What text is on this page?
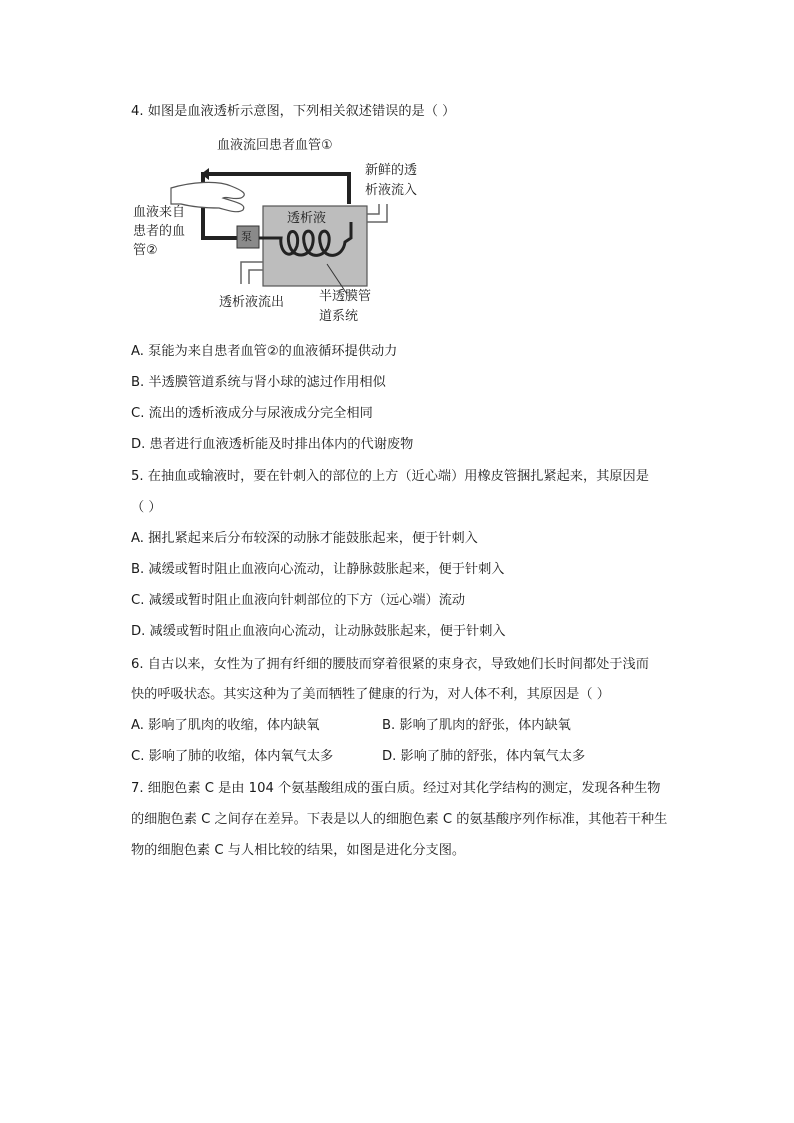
4. 如图是血液透析示意图，下列相关叙述错误的是（ ）
血液流回患者血管①
新鲜的透
析液流入
血液来自
患者的血
管②
透析液
泵
透析液流出	半透膜管
道系统
A. 泵能为来自患者血管②的血液循环提供动力
B. 半透膜管道系统与肾小球的滤过作用相似
C. 流出的透析液成分与尿液成分完全相同
D. 患者进行血液透析能及时排出体内的代谢废物
5. 在抽血或输液时，要在针刺入的部位的上方（近心端）用橡皮管捆扎紧起来，其原因是
（ ）
A. 捆扎紧起来后分布较深的动脉才能鼓胀起来，便于针刺入
B. 减缓或暂时阻止血液向心流动，让静脉鼓胀起来，便于针刺入
C. 减缓或暂时阻止血液向针刺部位的下方（远心端）流动
D. 减缓或暂时阻止血液向心流动，让动脉鼓胀起来，便于针刺入
6. 自古以来，女性为了拥有纤细的腰肢而穿着很紧的束身衣，导致她们长时间都处于浅而
快的呼吸状态。其实这种为了美而牺牲了健康的行为，对人体不利，其原因是（ ）
A. 影响了肌肉的收缩，体内缺氧	B. 影响了肌肉的舒张，体内缺氧
C. 影响了肺的收缩，体内氧气太多	D. 影响了肺的舒张，体内氧气太多
7. 细胞色素 C 是由 104 个氨基酸组成的蛋白质。经过对其化学结构的测定，发现各种生物
的细胞色素 C 之间存在差异。下表是以人的细胞色素 C 的氨基酸序列作标准，其他若干种生
物的细胞色素 C 与人相比较的结果，如图是进化分支图。
